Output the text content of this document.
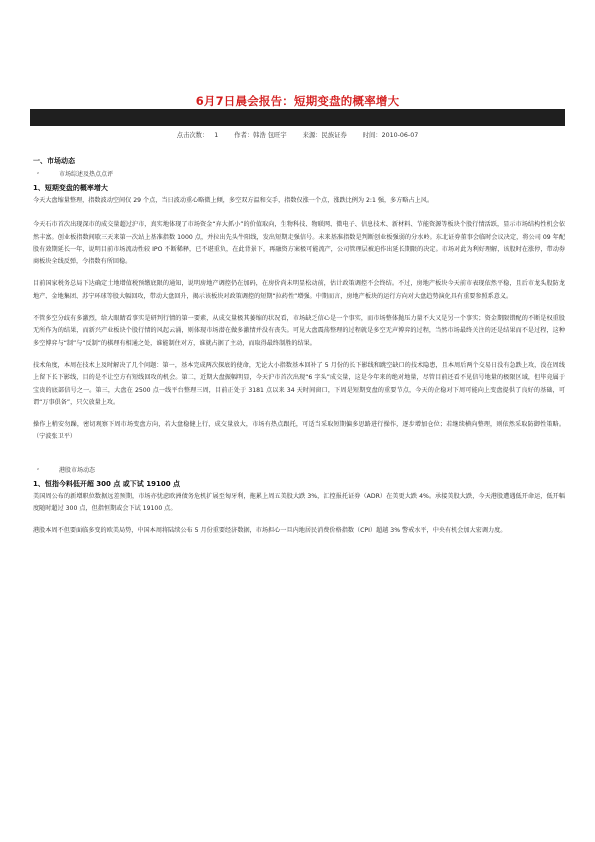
6月7日晨会报告：短期变盘的概率增大
点击次数： 1	作者：韩浩 包旺宇	来源：民族证券	时间：2010-06-07
一、市场动态
²	市场综述及热点点评
1、短期变盘的概率增大

今天大盘缩量整理，指数波动空间仅 29 个点，当日波动重心略微上倾，多空双方温和交手，指数仅涨一个点，涨跌比例为 2:1 强，多方略占上风。

今天石市首次出现深市的成交量超过沪市，真实地体现了市场资金“弃大抓小”的价值取向，生物科技、物联网、微电子、信息技术、新材料、节能资源等板块个股行情活跃，显示市场结构性机会依然丰富。创业板指数间歇三天来第一次站上基准指数 1000 点，并拉出先头牛阳线，发出短期走强信号。未来基准指数是判断创业板强弱的分水岭。东北证券董事会临时会议决定，将公司 09 年配股有效期延长一年，说明目前市场流动性较 IPO 不断稀释，已不堪重负，在此背景下，再融资方案极可能流产，公司管理层被迫作出延长期限的决定。市场对此为利好理解，该股时在涨停，带动券商板块全线反弹，令指数有所回稳。

目前国家税务总局下达确定土地增值税预缴底限的通知，说明房地产调控仍在加码，在房价尚未明显松动前，估计政策调控不会终结。不过，房地产板块今天前市表现依然平稳，且后市龙头股防龙地产、金地集团、苏宁环球等股大幅回攻，带动大盘回升，揭示该板块对政策调控的短期“拉药性”增强。中期而言，房地产板块的运行方向对大盘趋势演化具有重要参照系意义。

不管多空分歧有多激烈，给大眼睛看事实是研判行情的第一要素，从成交量极其萎缩的状况看，市场缺乏信心是一个事实，而市场整体抛压力量不大又是另一个事实；资金期限错配的不断是权重股无所作为的结果，而新兴产业板块个股行情的风起云涌，则体现市场潜在做多激情并没有丧失。可见大盘震荡整理的过程就是多空无声博弈的过程，当然市场最终关注的还是结果而不是过程，这种多空博弈与“制”与“反制”的棋理有相通之处，谁能制住对方，谁就占据了主动，而取得最终制胜的结果。

技术角度，本周在技术上及时解决了几个问题：第一，基本完成两次探底的使命，无论大小指数基本回补了 5 月份的长下影线和跳空缺口的技术隐患，且本周后两个交易日没有急跌上攻，没在周线上留下长下影线，目的是不让空方有短线回攻的机会。第二，近期大盘振幅明显，今天沪市首次出现“6 字头”成交量，这是今年来的绝对地量，尽管目前还看不见信号地量的极限区域，但毕竟属于宝贵的底部信号之一。第三，大盘在 2500 点一线平台整理三周，目前正处于 3181 点以来 34 天时间窗口，下周是短期变盘的重要节点，今天的企稳对下周可能向上变盘提供了良好的基础，可谓“万事俱备”，只欠放量上攻。

操作上稍安勿躁，密切观察下周市场变盘方向，若大盘稳健上行，成交量放大，市场有热点跟托，可适当采取短期偏多思路进行操作，逐步增加仓位；若继续横向整理，则依然采取防御性策略。 （宁波张卫平）

²	港股市场动态
1、恒指今料低开超 300 点 或下试 19100 点

美国周公布的新增职位数据远差预期，市场亦忧虑欧洲债务危机扩展至匈牙利，拖累上周五美股大跌 3%，汇控报托证券（ADR）在美更大跌 4%。承接美股大跌，今天港股遭遇低开命运，低开幅度随时超过 300 点，但指恒期或会下试 19100 点。

港股本周不但要面临多变的欧美局势，中国本周将陆续公布 5 月份重要经济数据，市场担心一旦内地居民消费价格指数（CPI）超越 3% 警戒水平，中央有机会加大宏调力度。
